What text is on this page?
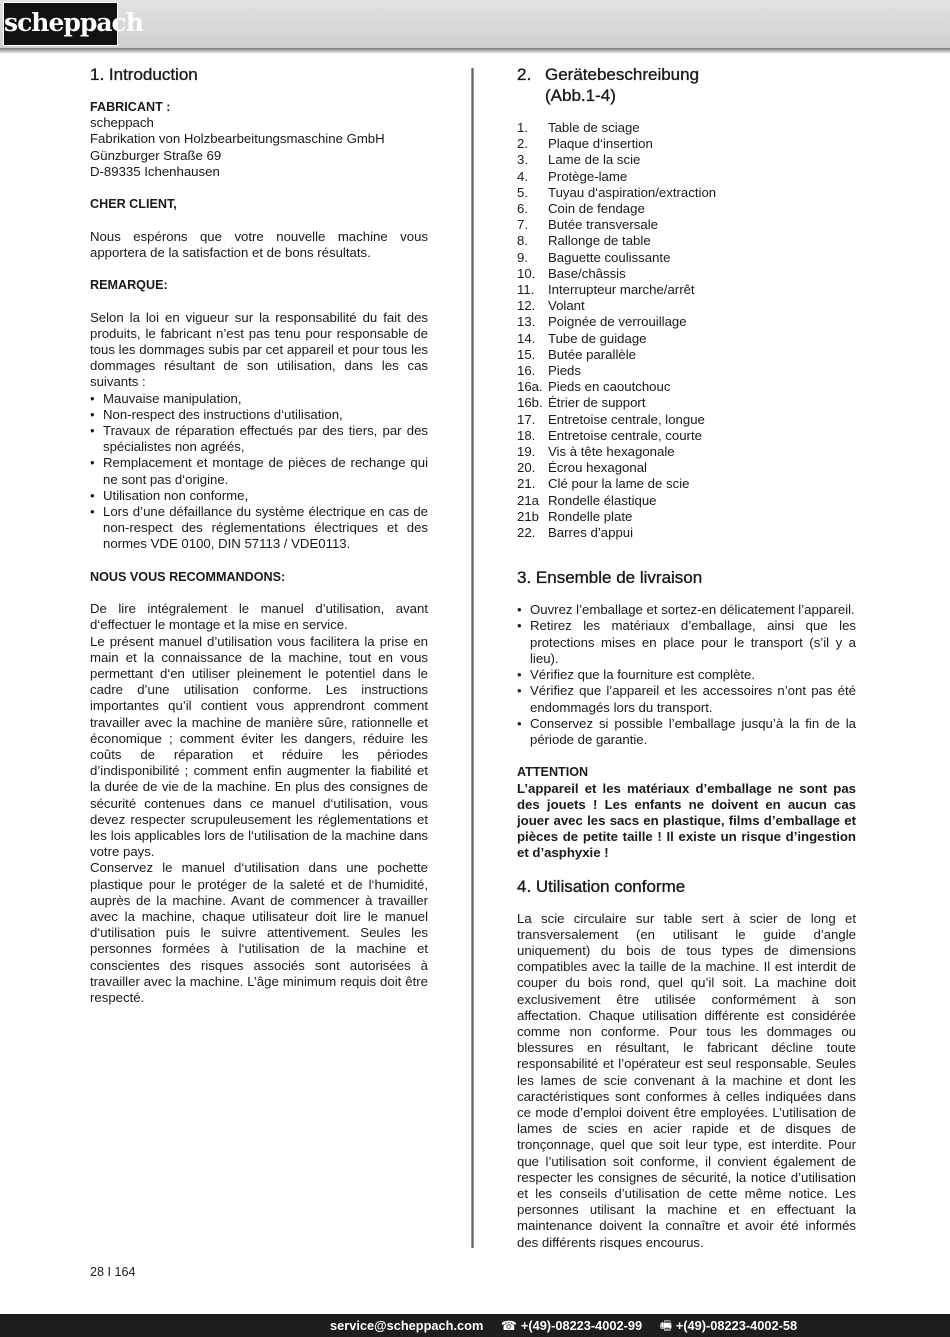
scheppach
1. Introduction
FABRICANT :
scheppach
Fabrikation von Holzbearbeitungsmaschine GmbH
Günzburger Straße 69
D-89335 Ichenhausen
CHER CLIENT,

Nous espérons que votre nouvelle machine vous apportera de la satisfaction et de bons résultats.

REMARQUE:

Selon la loi en vigueur sur la responsabilité du fait des produits, le fabricant n’est pas tenu pour responsable de tous les dommages subis par cet appareil et pour tous les dommages résultant de son utilisation, dans les cas suivants :

• Mauvaise manipulation,
• Non-respect des instructions d‘utilisation,
• Travaux de réparation effectués par des tiers, par des spécialistes non agréés,
• Remplacement et montage de pièces de rechange qui ne sont pas d‘origine.
• Utilisation non conforme,
• Lors d’une défaillance du système électrique en cas de non-respect des réglementations électriques et des normes VDE 0100, DIN 57113 / VDE0113.
NOUS VOUS RECOMMANDONS:

De lire intégralement le manuel d’utilisation, avant d‘effectuer le montage et la mise en service.

Le présent manuel d’utilisation vous facilitera la prise en main et la connaissance de la machine, tout en vous permettant d‘en utiliser pleinement le potentiel dans le cadre d’une utilisation conforme. Les instructions importantes qu’il contient vous apprendront comment travailler avec la machine de manière sûre, rationnelle et économique ; comment éviter les dangers, réduire les coûts de réparation et réduire les périodes d’indisponibilité ; comment enfin augmenter la fiabilité et la durée de vie de la machine. En plus des consignes de sécurité contenues dans ce manuel d‘utilisation, vous devez respecter scrupuleusement les réglementations et les lois applicables lors de l‘utilisation de la machine dans votre pays.

Conservez le manuel d‘utilisation dans une pochette plastique pour le protéger de la saleté et de l‘humidité, auprès de la machine. Avant de commencer à travailler avec la machine, chaque utilisateur doit lire le manuel d‘utilisation puis le suivre attentivement. Seules les personnes formées à l‘utilisation de la machine et conscientes des risques associés sont autorisées à travailler avec la machine. L’âge minimum requis doit être respecté.

2. Gerätebeschreibung
(Abb.1-4)
1.	Table de sciage
2.	Plaque d‘insertion
3.	Lame de la scie
4.	Protège-lame
5.	Tuyau d‘aspiration/extraction
6.	Coin de fendage
7.	Butée transversale
8.	Rallonge de table
9.	Baguette coulissante
10. Base/châssis
11.	Interrupteur marche/arrêt
12. Volant
13. Poignée de verrouillage
14. Tube de guidage
15. Butée parallèle
16. Pieds
16a. Pieds en caoutchouc
16b. Étrier de support
17. Entretoise centrale, longue
18. Entretoise centrale, courte
19. Vis à tête hexagonale
20. Écrou hexagonal
21. Clé pour la lame de scie
21a Rondelle élastique
21b Rondelle plate
22. Barres d’appui
3. Ensemble de livraison
• Ouvrez l’emballage et sortez-en délicatement l’appareil.
• Retirez les matériaux d’emballage, ainsi que les protections mises en place pour le transport (s’il y a lieu).
• Vérifiez que la fourniture est complète.
• Vérifiez que l’appareil et les accessoires n’ont pas été endommagés lors du transport.
• Conservez si possible l’emballage jusqu’à la fin de la période de garantie.
ATTENTION

L’appareil et les matériaux d’emballage ne sont pas des jouets ! Les enfants ne doivent en aucun cas jouer avec les sacs en plastique, films d’emballage et pièces de petite taille ! Il existe un risque d’ingestion et d’asphyxie !

4. Utilisation conforme

La scie circulaire sur table sert à scier de long et transversalement (en utilisant le guide d’angle uniquement) du bois de tous types de dimensions compatibles avec la taille de la machine. Il est interdit de couper du bois rond, quel qu’il soit. La machine doit exclusivement être utilisée conformément à son affectation. Chaque utilisation différente est considérée comme non conforme. Pour tous les dommages ou blessures en résultant, le fabricant décline toute responsabilité et l’opérateur est seul responsable. Seules les lames de scie convenant à la machine et dont les caractéristiques sont conformes à celles indiquées dans ce mode d’emploi doivent être employées. L’utilisation de lames de scies en acier rapide et de disques de tronçonnage, quel que soit leur type, est interdite. Pour que l’utilisation soit conforme, il convient également de respecter les consignes de sécurité, la notice d’utilisation et les conseils d’utilisation de cette même notice. Les personnes utilisant la machine et en effectuant la maintenance doivent la connaître et avoir été informés des différents risques encourus.

28 I 164
service@scheppach.com ☎ +(49)-08223-4002-99 🖷 +(49)-08223-4002-58
